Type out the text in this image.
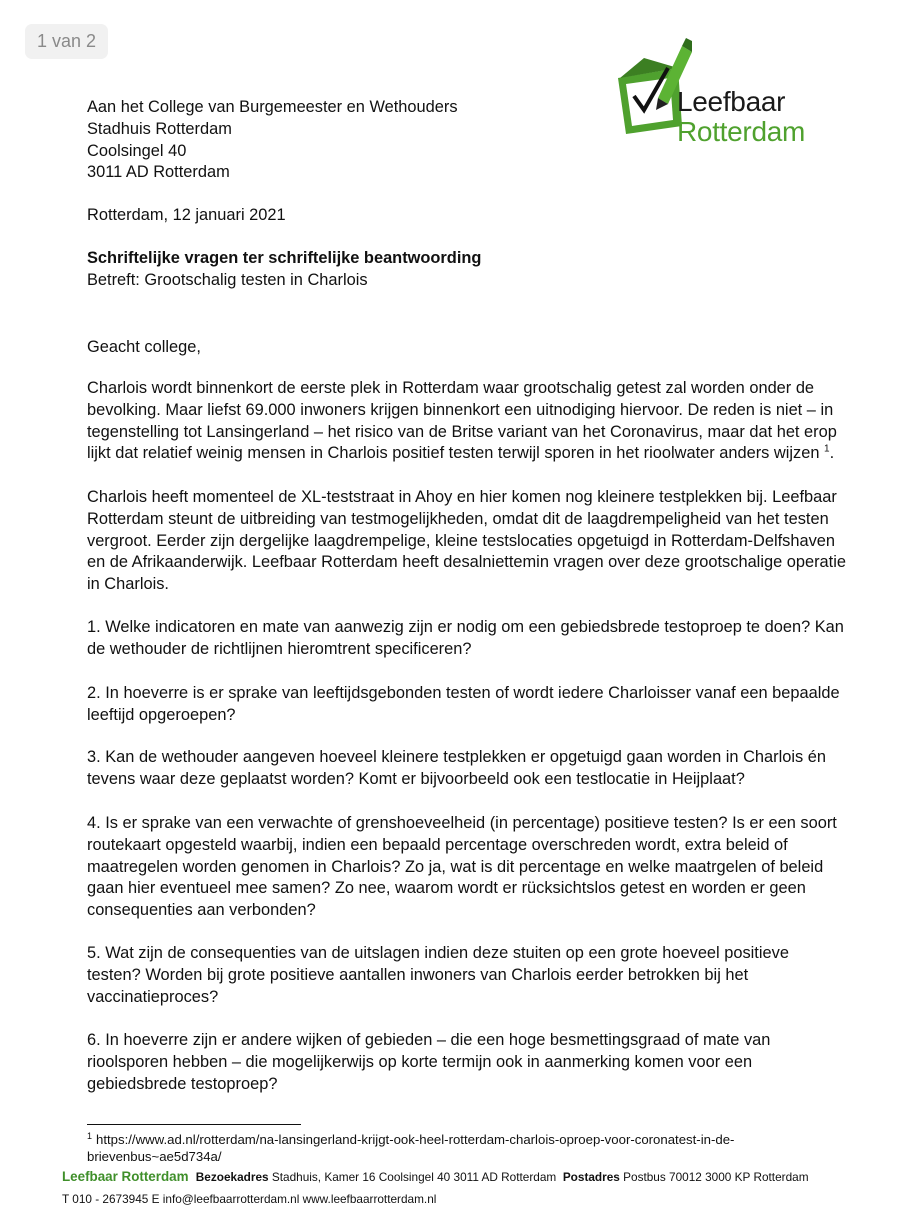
1 van 2
Leefbaar
Rotterdam
Aan het College van Burgemeester en Wethouders
Stadhuis Rotterdam
Coolsingel 40
3011 AD Rotterdam
Rotterdam, 12 januari 2021
Schriftelijke vragen ter schriftelijke beantwoording
Betreft: Grootschalig testen in Charlois
Geacht college,
Charlois wordt binnenkort de eerste plek in Rotterdam waar grootschalig getest zal worden onder de bevolking. Maar liefst 69.000 inwoners krijgen binnenkort een uitnodiging hiervoor. De reden is niet – in tegenstelling tot Lansingerland – het risico van de Britse variant van het Coronavirus, maar dat het erop lijkt dat relatief weinig mensen in Charlois positief testen terwijl sporen in het rioolwater anders wijzen $^1$.
Charlois heeft momenteel de XL-teststraat in Ahoy en hier komen nog kleinere testplekken bij. Leefbaar Rotterdam steunt de uitbreiding van testmogelijkheden, omdat dit de laagdrempeligheid van het testen vergroot. Eerder zijn dergelijke laagdrempelige, kleine testslocaties opgetuigd in Rotterdam-Delfshaven en de Afrikaanderwijk. Leefbaar Rotterdam heeft desalniettemin vragen over deze grootschalige operatie in Charlois.
1. Welke indicatoren en mate van aanwezig zijn er nodig om een gebiedsbrede testoproep te doen? Kan de wethouder de richtlijnen hieromtrent specificeren?
2. In hoeverre is er sprake van leeftijdsgebonden testen of wordt iedere Charloisser vanaf een bepaalde leeftijd opgeroepen?
3. Kan de wethouder aangeven hoeveel kleinere testplekken er opgetuigd gaan worden in Charlois én tevens waar deze geplaatst worden? Komt er bijvoorbeeld ook een testlocatie in Heijplaat?
4. Is er sprake van een verwachte of grenshoeveelheid (in percentage) positieve testen? Is er een soort routekaart opgesteld waarbij, indien een bepaald percentage overschreden wordt, extra beleid of maatregelen worden genomen in Charlois? Zo ja, wat is dit percentage en welke maatrgelen of beleid gaan hier eventueel mee samen? Zo nee, waarom wordt er rücksichtslos getest en worden er geen consequenties aan verbonden?
5. Wat zijn de consequenties van de uitslagen indien deze stuiten op een grote hoeveel positieve testen? Worden bij grote positieve aantallen inwoners van Charlois eerder betrokken bij het vaccinatieproces?
6. In hoeverre zijn er andere wijken of gebieden – die een hoge besmettingsgraad of mate van rioolsporen hebben – die mogelijkerwijs op korte termijn ook in aanmerking komen voor een gebiedsbrede testoproep?
$^1$ https://www.ad.nl/rotterdam/na-lansingerland-krijgt-ook-heel-rotterdam-charlois-oproep-voor-coronatest-in-de-brievenbus~ae5d734a/
Leefbaar Rotterdam Bezoekadres Stadhuis, Kamer 16 Coolsingel 40 3011 AD Rotterdam Postadres Postbus 70012 3000 KP Rotterdam
T 010 - 2673945 E info@leefbaarrotterdam.nl www.leefbaarrotterdam.nl
